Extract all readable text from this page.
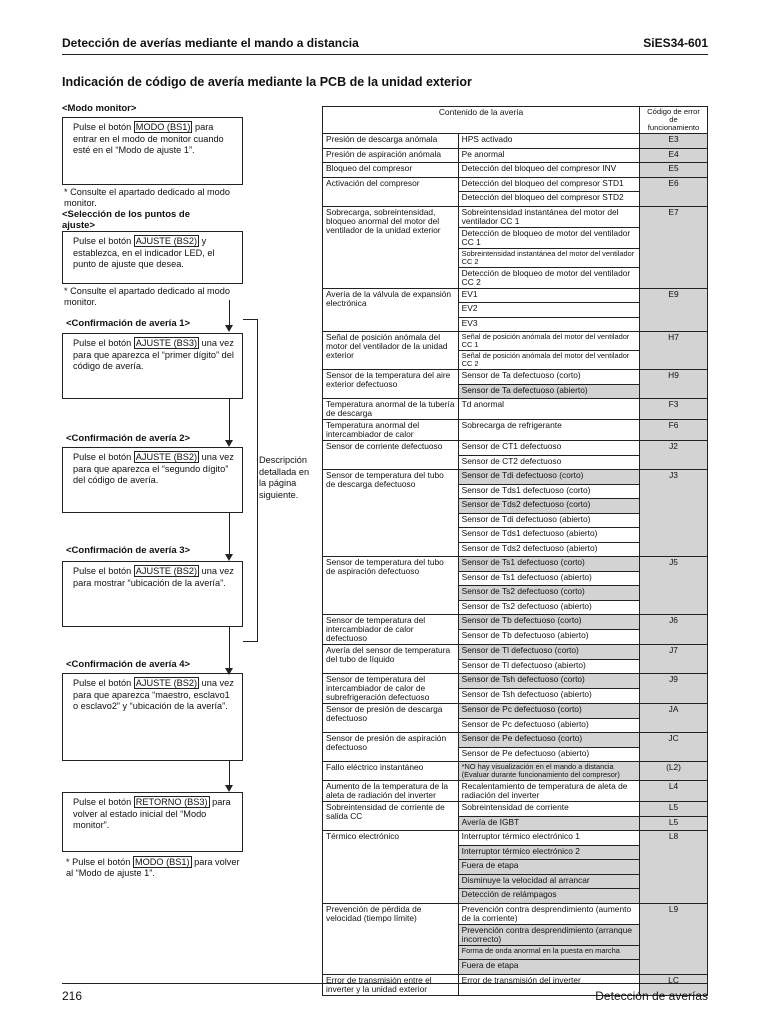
Detección de averías mediante el mando a distancia	SiES34-601
Indicación de código de avería mediante la PCB de la unidad exterior
<Modo monitor>
Pulse el botón MODO (BS1) para entrar en el modo de monitor cuando esté en el “Modo de ajuste 1”.
* Consulte el apartado dedicado al modo monitor.
<Selección de los puntos de ajuste>
Pulse el botón AJUSTE (BS2) y establezca, en el indicador LED, el punto de ajuste que desea.
* Consulte el apartado dedicado al modo monitor.
<Confirmación de avería 1>
Pulse el botón AJUSTE (BS3) una vez para que aparezca el “primer dígito” del código de avería.
<Confirmación de avería 2>
Pulse el botón AJUSTE (BS2) una vez para que aparezca el “segundo dígito” del código de avería.
<Confirmación de avería 3>
Pulse el botón AJUSTE (BS2) una vez para mostrar “ubicación de la avería”.
<Confirmación de avería 4>
Pulse el botón AJUSTE (BS2) una vez para que aparezca “maestro, esclavo1 o esclavo2” y “ubicación de la avería”.
Pulse el botón RETORNO (BS3) para volver al estado inicial del “Modo monitor”.
* Pulse el botón MODO (BS1) para volver al “Modo de ajuste 1”.
Descripción detallada en la página siguiente.
Contenido de la avería		Código de error de funcionamiento
Presión de descarga anómala	HPS activado	E3
Presión de aspiración anómala	Pe anormal	E4
Bloqueo del compresor	Detección del bloqueo del compresor INV	E5
Activación del compresor	Detección del bloqueo del compresor STD1	E6
	Detección del bloqueo del compresor STD2	
Sobrecarga, sobreintensidad, bloqueo anormal del motor del ventilador de la unidad exterior	Sobreintensidad instantánea del motor del ventilador CC 1	E7
	Detección de bloqueo de motor del ventilador CC 1	
	Sobreintensidad instantánea del motor del ventilador CC 2	
	Detección de bloqueo de motor del ventilador CC 2	
Avería de la válvula de expansión electrónica	EV1	E9
	EV2	
	EV3	
Señal de posición anómala del motor del ventilador de la unidad exterior	Señal de posición anómala del motor del ventilador CC 1	H7
	Señal de posición anómala del motor del ventilador CC 2	
Sensor de la temperatura del aire exterior defectuoso	Sensor de Ta defectuoso (corto)	H9
	Sensor de Ta defectuoso (abierto)	
Temperatura anormal de la tubería de descarga	Td anormal	F3
Temperatura anormal del intercambiador de calor	Sobrecarga de refrigerante	F6
Sensor de corriente defectuoso	Sensor de CT1 defectuoso	J2
	Sensor de CT2 defectuoso	
Sensor de temperatura del tubo de descarga defectuoso	Sensor de Tdi defectuoso (corto)	J3
	Sensor de Tds1 defectuoso (corto)	
	Sensor de Tds2 defectuoso (corto)	
	Sensor de Tdi defectuoso (abierto)	
	Sensor de Tds1 defectuoso (abierto)	
	Sensor de Tds2 defectuoso (abierto)	
Sensor de temperatura del tubo de aspiración defectuoso	Sensor de Ts1 defectuoso (corto)	J5
	Sensor de Ts1 defectuoso (abierto)	
	Sensor de Ts2 defectuoso (corto)	
	Sensor de Ts2 defectuoso (abierto)	
Sensor de temperatura del intercambiador de calor defectuoso	Sensor de Tb defectuoso (corto)	J6
	Sensor de Tb defectuoso (abierto)	
Avería del sensor de temperatura del tubo de líquido	Sensor de Tl defectuoso (corto)	J7
	Sensor de Tl defectuoso (abierto)	
Sensor de temperatura del intercambiador de calor de subrefrigeración defectuoso	Sensor de Tsh defectuoso (corto)	J9
	Sensor de Tsh defectuoso (abierto)	
Sensor de presión de descarga defectuoso	Sensor de Pc defectuoso (corto)	JA
	Sensor de Pc defectuoso (abierto)	
Sensor de presión de aspiración defectuoso	Sensor de Pe defectuoso (corto)	JC
	Sensor de Pe defectuoso (abierto)	
Fallo eléctrico instantáneo	*NO hay visualización en el mando a distancia (Evaluar durante funcionamiento del compresor)	(L2)
Aumento de la temperatura de la aleta de radiación del inverter	Recalentamiento de temperatura de aleta de radiación del inverter	L4
Sobreintensidad de corriente de salida CC	Sobreintensidad de corriente	L5
	Avería de IGBT	L5
Térmico electrónico	Interruptor térmico electrónico 1	L8
	Interruptor térmico electrónico 2	
	Fuera de etapa	
	Disminuye la velocidad al arrancar	
	Detección de relámpagos	
Prevención de pérdida de velocidad (tiempo límite)	Prevención contra desprendimiento (aumento de la corriente)	L9
	Prevención contra desprendimiento (arranque incorrecto)	
	Forma de onda anormal en la puesta en marcha	
	Fuera de etapa	
Error de transmisión entre el inverter y la unidad exterior	Error de transmisión del inverter	LC
216	Detección de averías
